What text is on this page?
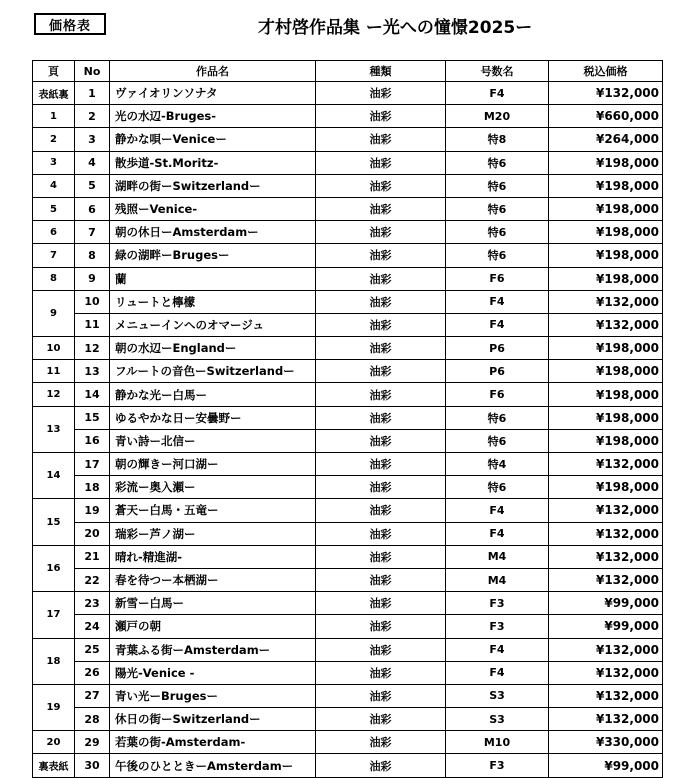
価格表	才村啓作品集 ー光への憧憬2025ー
頁	No	作品名	種類	号数名	税込価格
表紙裏	1	ヴァイオリンソナタ	油彩	F4	¥132,000
1	2	光の水辺-Bruges-	油彩	M20	¥660,000
2	3	静かな唄ーVeniceー	油彩	特8	¥264,000
3	4	散歩道-St.Moritz-	油彩	特6	¥198,000
4	5	湖畔の街ーSwitzerlandー	油彩	特6	¥198,000
5	6	残照ーVenice-	油彩	特6	¥198,000
6	7	朝の休日ーAmsterdamー	油彩	特6	¥198,000
7	8	緑の湖畔ーBrugesー	油彩	特6	¥198,000
8	9	蘭	油彩	F6	¥198,000
9	10	リュートと檸檬	油彩	F4	¥132,000
	11	メニューインへのオマージュ	油彩	F4	¥132,000
10	12	朝の水辺ーEnglandー	油彩	P6	¥198,000
11	13	フルートの音色ーSwitzerlandー	油彩	P6	¥198,000
12	14	静かな光ー白馬ー	油彩	F6	¥198,000
13	15	ゆるやかな日ー安曇野ー	油彩	特6	¥198,000
	16	青い詩ー北信ー	油彩	特6	¥198,000
14	17	朝の輝きー河口湖ー	油彩	特4	¥132,000
	18	彩流ー奥入瀬ー	油彩	特6	¥198,000
15	19	蒼天ー白馬・五竜ー	油彩	F4	¥132,000
	20	瑞彩ー芦ノ湖ー	油彩	F4	¥132,000
16	21	晴れ-精進湖-	油彩	M4	¥132,000
	22	春を待つー本栖湖ー	油彩	M4	¥132,000
17	23	新雪ー白馬ー	油彩	F3	¥99,000
	24	瀬戸の朝	油彩	F3	¥99,000
18	25	青葉ふる街ーAmsterdamー	油彩	F4	¥132,000
	26	陽光-Venice -	油彩	F4	¥132,000
19	27	青い光ーBrugesー	油彩	S3	¥132,000
	28	休日の街ーSwitzerlandー	油彩	S3	¥132,000
20	29	若葉の街-Amsterdam-	油彩	M10	¥330,000
裏表紙	30	午後のひとときーAmsterdamー	油彩	F3	¥99,000
